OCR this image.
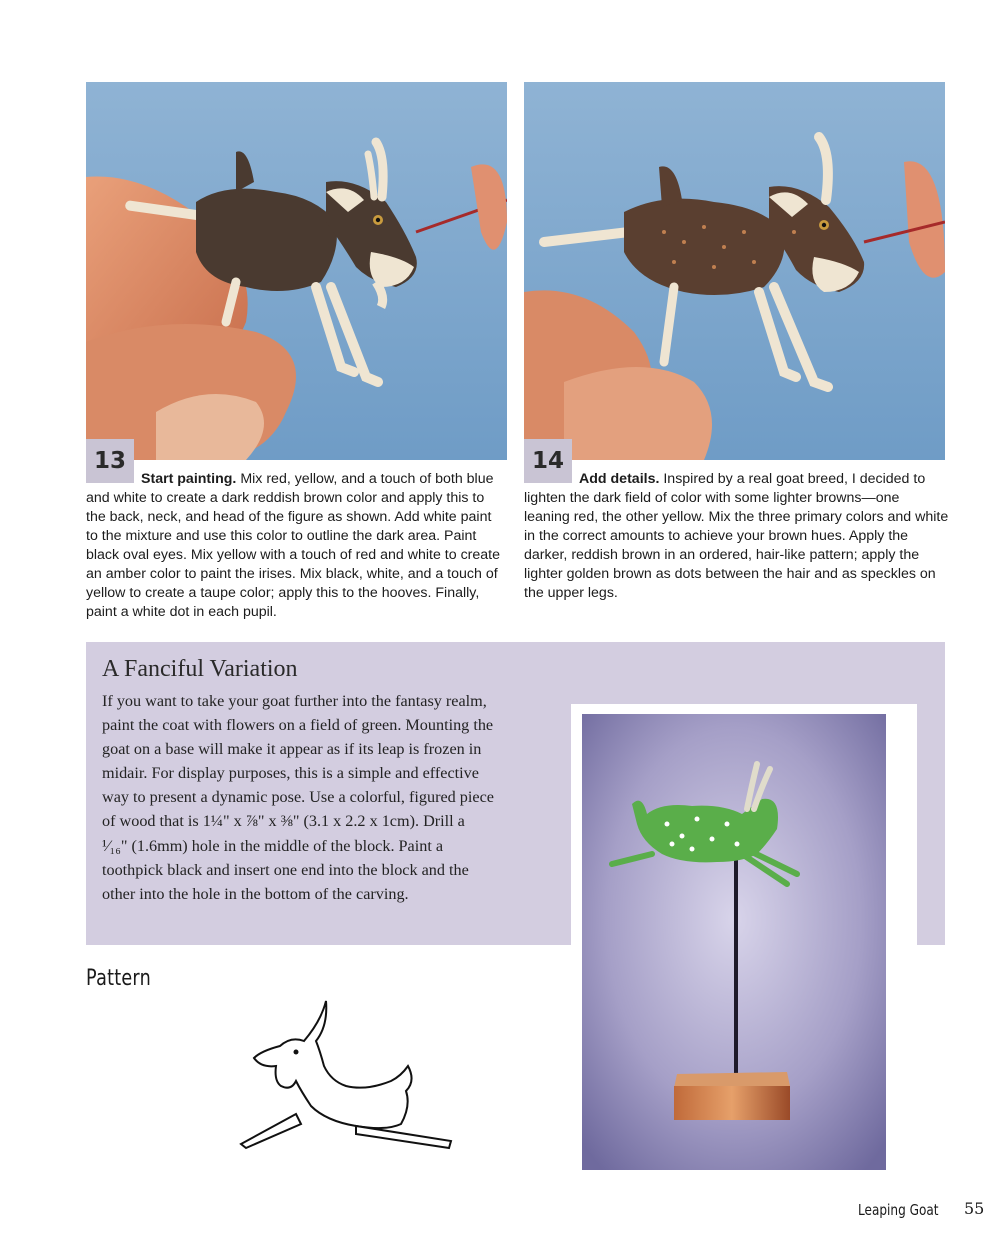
13	14

Start painting. Mix red, yellow, and a touch of both blue and white to create a dark reddish brown color and apply this to the back, neck, and head of the figure as shown. Add white paint to the mixture and use this color to outline the dark area. Paint black oval eyes. Mix yellow with a touch of red and white to create an amber color to paint the irises. Mix black, white, and a touch of yellow to create a taupe color; apply this to the hooves. Finally, paint a white dot in each pupil.

Add details. Inspired by a real goat breed, I decided to lighten the dark field of color with some lighter browns—one leaning red, the other yellow. Mix the three primary colors and white in the correct amounts to achieve your brown hues. Apply the darker, reddish brown in an ordered, hair-like pattern; apply the lighter golden brown as dots between the hair and as speckles on the upper legs.

A Fanciful Variation

If you want to take your goat further into the fantasy realm, paint the coat with flowers on a field of green. Mounting the goat on a base will make it appear as if its leap is frozen in midair. For display purposes, this is a simple and effective way to present a dynamic pose. Use a colorful, figured piece of wood that is 1¼" x ⅞" x ⅜" (3.1 x 2.2 x 1cm). Drill a ¹⁄₁₆" (1.6mm) hole in the middle of the block. Paint a toothpick black and insert one end into the block and the other into the hole in the bottom of the carving.

Pattern
Leaping Goat 55
